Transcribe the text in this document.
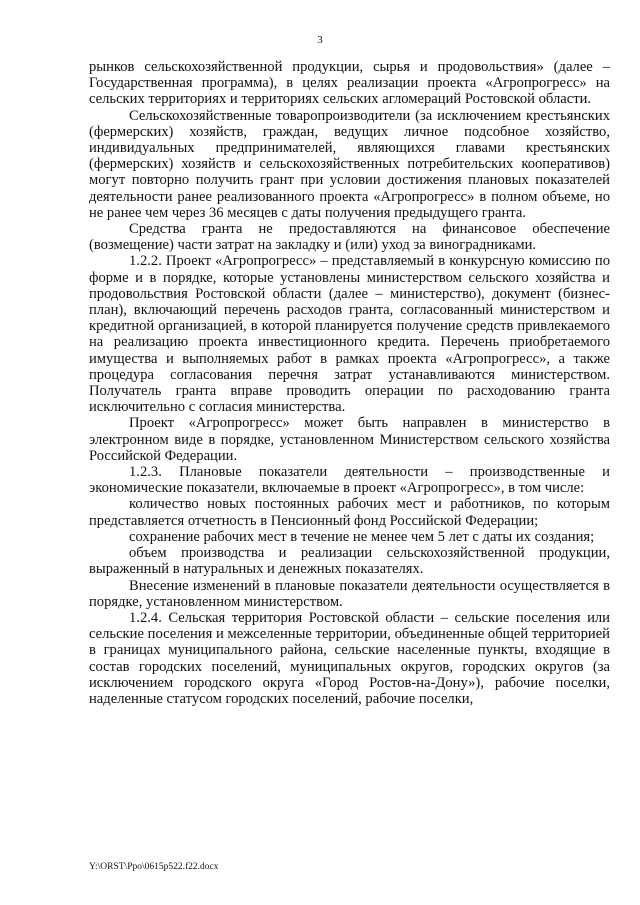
3

рынков сельскохозяйственной продукции, сырья и продовольствия» (далее – Государственная программа), в целях реализации проекта «Агропрогресс» на сельских территориях и территориях сельских агломераций Ростовской области.

Сельскохозяйственные товаропроизводители (за исключением крестьянских (фермерских) хозяйств, граждан, ведущих личное подсобное хозяйство, индивидуальных предпринимателей, являющихся главами крестьянских (фермерских) хозяйств и сельскохозяйственных потребительских кооперативов) могут повторно получить грант при условии достижения плановых показателей деятельности ранее реализованного проекта «Агропрогресс» в полном объеме, но не ранее чем через 36 месяцев с даты получения предыдущего гранта.

Средства гранта не предоставляются на финансовое обеспечение (возмещение) части затрат на закладку и (или) уход за виноградниками.

1.2.2. Проект «Агропрогресс» – представляемый в конкурсную комиссию по форме и в порядке, которые установлены министерством сельского хозяйства и продовольствия Ростовской области (далее – министерство), документ (бизнес-план), включающий перечень расходов гранта, согласованный министерством и кредитной организацией, в которой планируется получение средств привлекаемого на реализацию проекта инвестиционного кредита. Перечень приобретаемого имущества и выполняемых работ в рамках проекта «Агропрогресс», а также процедура согласования перечня затрат устанавливаются министерством. Получатель гранта вправе проводить операции по расходованию гранта исключительно с согласия министерства.

Проект «Агропрогресс» может быть направлен в министерство в электронном виде в порядке, установленном Министерством сельского хозяйства Российской Федерации.

1.2.3. Плановые показатели деятельности – производственные и экономические показатели, включаемые в проект «Агропрогресс», в том числе:

количество новых постоянных рабочих мест и работников, по которым представляется отчетность в Пенсионный фонд Российской Федерации;

сохранение рабочих мест в течение не менее чем 5 лет с даты их создания;

объем производства и реализации сельскохозяйственной продукции, выраженный в натуральных и денежных показателях.

Внесение изменений в плановые показатели деятельности осуществляется в порядке, установленном министерством.

1.2.4. Сельская территория Ростовской области – сельские поселения или сельские поселения и межселенные территории, объединенные общей территорией в границах муниципального района, сельские населенные пункты, входящие в состав городских поселений, муниципальных округов, городских округов (за исключением городского округа «Город Ростов-на-Дону»), рабочие поселки, наделенные статусом городских поселений, рабочие поселки,

Y:\ORST\Ppo\0615p522.f22.docx
